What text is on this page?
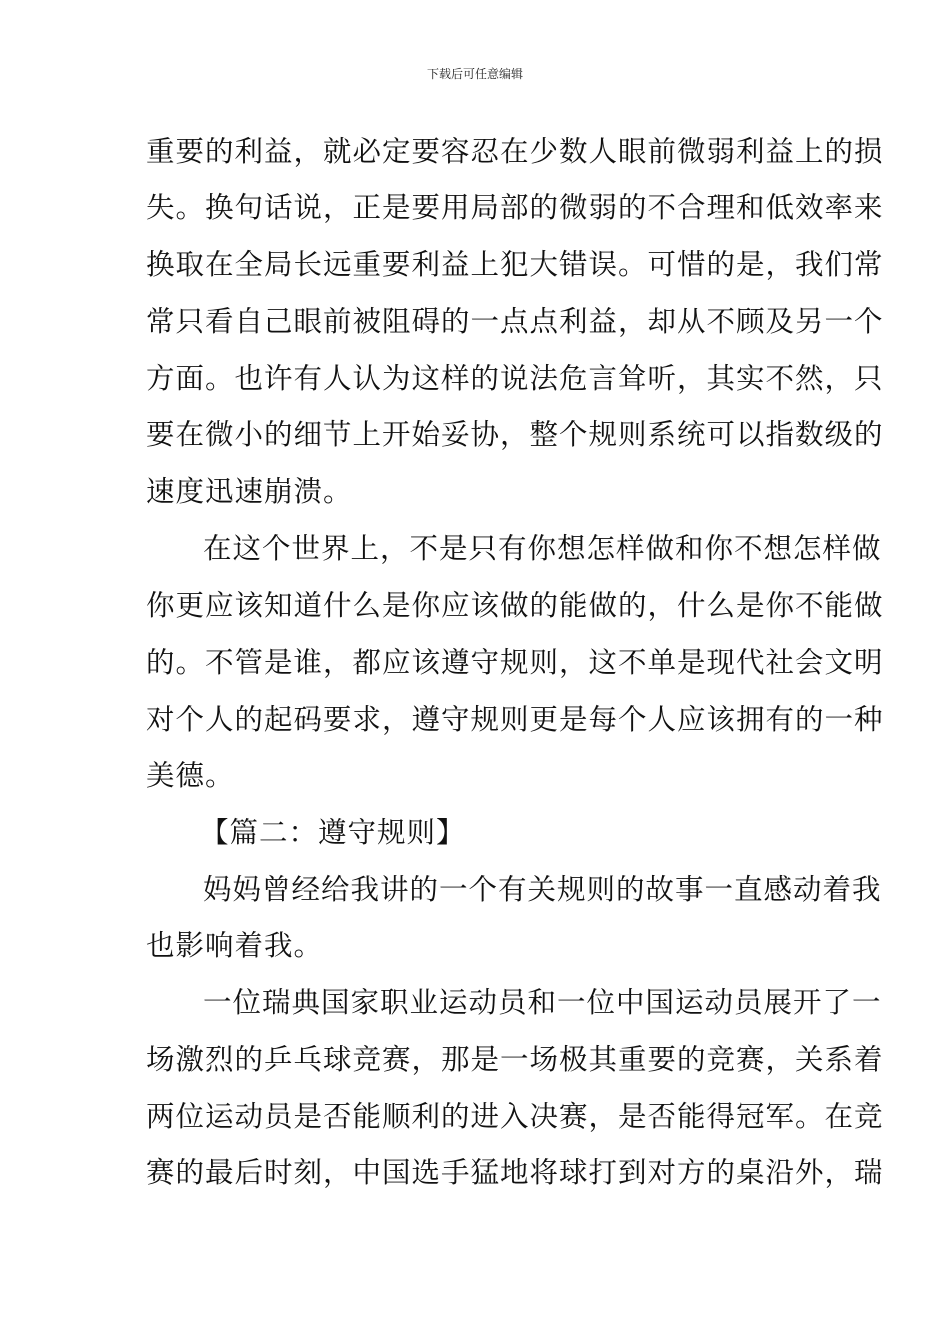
下载后可任意编辑
重要的利益，就必定要容忍在少数人眼前微弱利益上的损
失。换句话说，正是要用局部的微弱的不合理和低效率来
换取在全局长远重要利益上犯大错误。可惜的是，我们常
常只看自己眼前被阻碍的一点点利益，却从不顾及另一个
方面。也许有人认为这样的说法危言耸听，其实不然，只
要在微小的细节上开始妥协，整个规则系统可以指数级的
速度迅速崩溃。
在这个世界上，不是只有你想怎样做和你不想怎样做
你更应该知道什么是你应该做的能做的，什么是你不能做
的。不管是谁，都应该遵守规则，这不单是现代社会文明
对个人的起码要求，遵守规则更是每个人应该拥有的一种
美德。
【篇二：遵守规则】
妈妈曾经给我讲的一个有关规则的故事一直感动着我
也影响着我。
一位瑞典国家职业运动员和一位中国运动员展开了一
场激烈的乒乓球竞赛，那是一场极其重要的竞赛，关系着
两位运动员是否能顺利的进入决赛，是否能得冠军。在竞
赛的最后时刻，中国选手猛地将球打到对方的桌沿外，瑞
